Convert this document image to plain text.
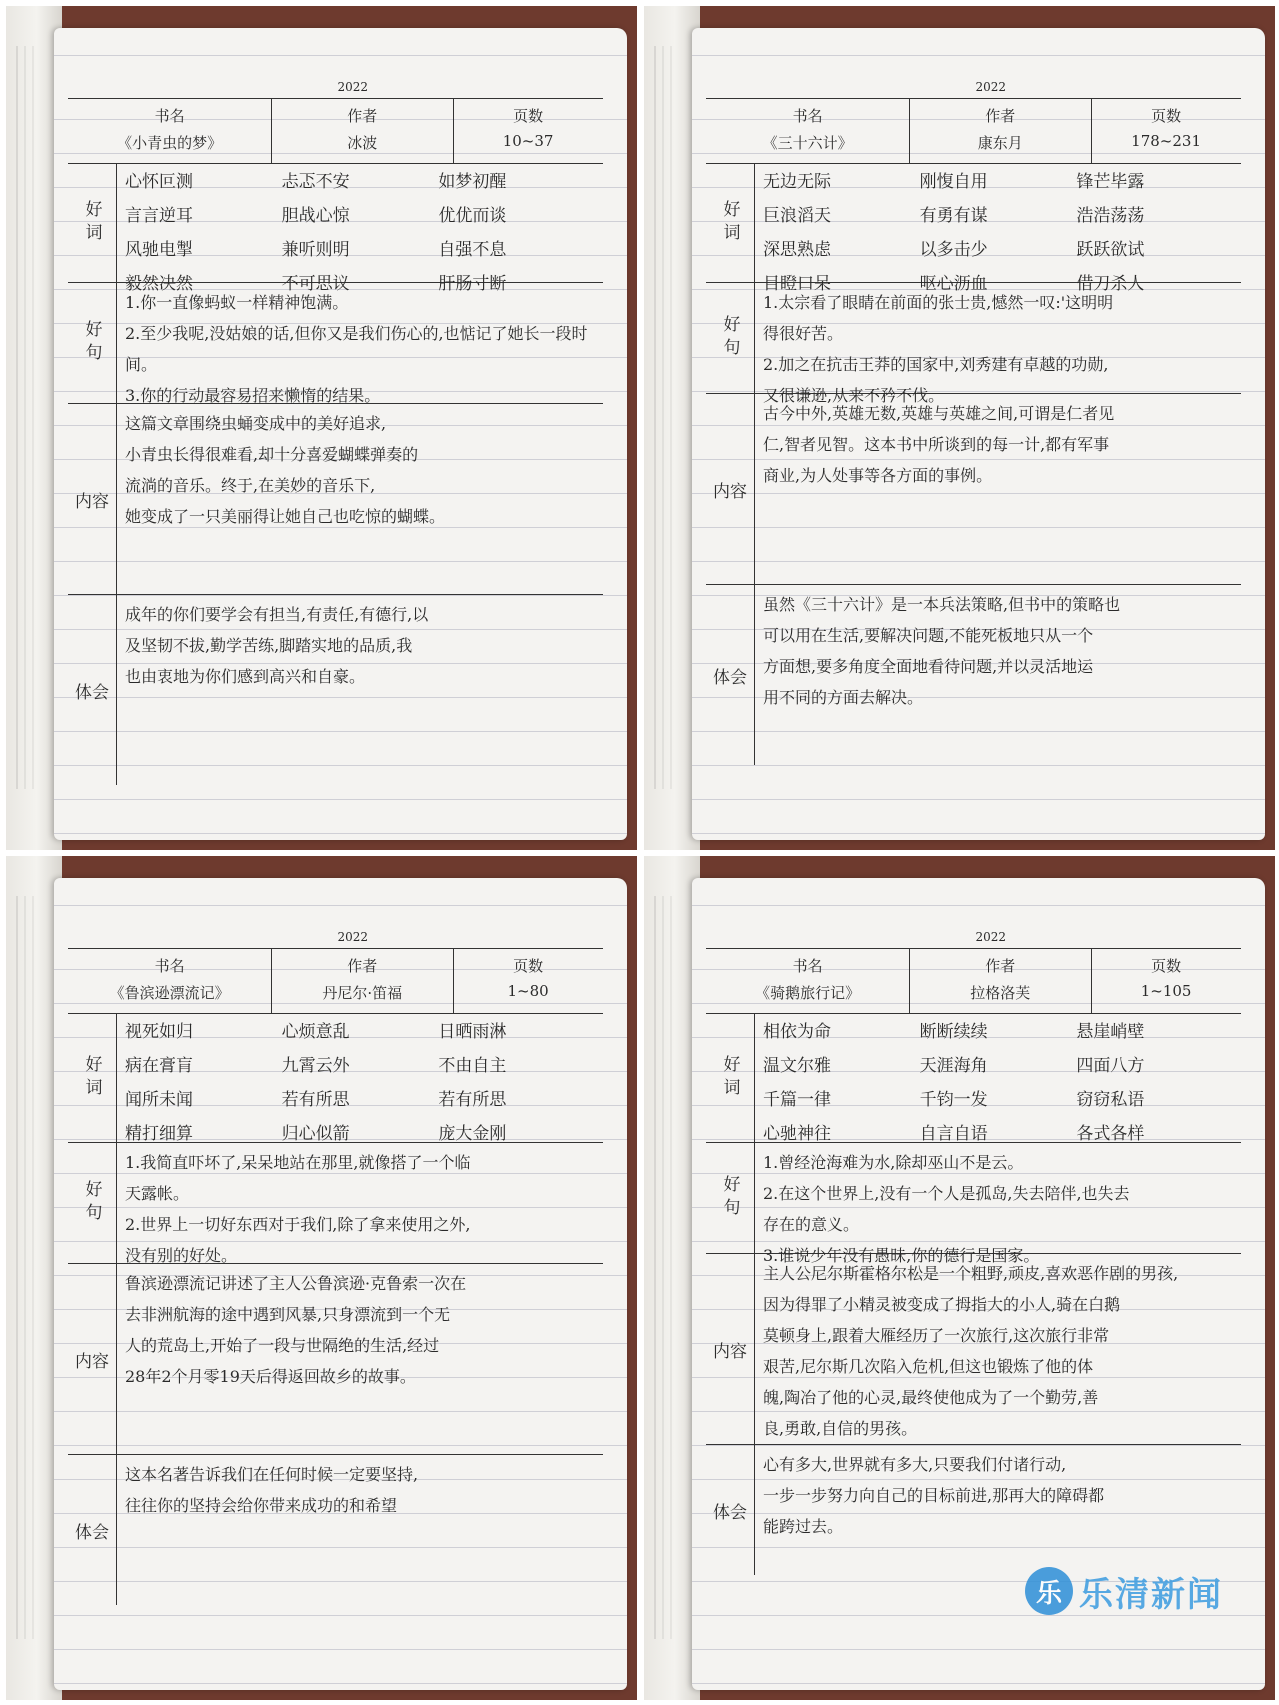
2022
书名
《小青虫的梦》
作者
冰波
页数
10~37
好词
心怀叵测	忐忑不安	如梦初醒
言言逆耳	胆战心惊	优优而谈
风驰电掣	兼听则明	自强不息
毅然决然	不可思议	肝肠寸断
好句
1.你一直像蚂蚁一样精神饱满。
2.至少我呢,没姑娘的话,但你又是我们伤心的,也惦记了她长一段时间。
3.你的行动最容易招来懒惰的结果。
内容
这篇文章围绕虫蛹变成中的美好追求,
小青虫长得很难看,却十分喜爱蝴蝶弹奏的
流淌的音乐。终于,在美妙的音乐下,
她变成了一只美丽得让她自己也吃惊的蝴蝶。
体会
成年的你们要学会有担当,有责任,有德行,以
及坚韧不拔,勤学苦练,脚踏实地的品质,我
也由衷地为你们感到高兴和自豪。
2022
书名
《三十六计》
作者
康东月
页数
178~231
好词
无边无际	刚愎自用	锋芒毕露
巨浪滔天	有勇有谋	浩浩荡荡
深思熟虑	以多击少	跃跃欲试
目瞪口呆	呕心沥血	借刀杀人
好句
1.太宗看了眼睛在前面的张士贵,憾然一叹:'这明明
得很好苦。
2.加之在抗击王莽的国家中,刘秀建有卓越的功勋,
又很谦逊,从来不矜不伐。
内容
古今中外,英雄无数,英雄与英雄之间,可谓是仁者见
仁,智者见智。这本书中所谈到的每一计,都有军事
商业,为人处事等各方面的事例。
体会
虽然《三十六计》是一本兵法策略,但书中的策略也
可以用在生活,要解决问题,不能死板地只从一个
方面想,要多角度全面地看待问题,并以灵活地运
用不同的方面去解决。
2022
书名
《鲁滨逊漂流记》
作者
丹尼尔·笛福
页数
1~80
好词
视死如归	心烦意乱	日晒雨淋
病在膏肓	九霄云外	不由自主
闻所未闻	若有所思	若有所思
精打细算	归心似箭	庞大金刚
好句
1.我简直吓坏了,呆呆地站在那里,就像搭了一个临
天露帐。
2.世界上一切好东西对于我们,除了拿来使用之外,
没有别的好处。
内容
鲁滨逊漂流记讲述了主人公鲁滨逊·克鲁索一次在
去非洲航海的途中遇到风暴,只身漂流到一个无
人的荒岛上,开始了一段与世隔绝的生活,经过
28年2个月零19天后得返回故乡的故事。
体会
这本名著告诉我们在任何时候一定要坚持,
往往你的坚持会给你带来成功的和希望
2022
书名
《骑鹅旅行记》
作者
拉格洛芙
页数
1~105
好词
相依为命	断断续续	悬崖峭壁
温文尔雅	天涯海角	四面八方
千篇一律	千钧一发	窃窃私语
心驰神往	自言自语	各式各样
好句
1.曾经沧海难为水,除却巫山不是云。
2.在这个世界上,没有一个人是孤岛,失去陪伴,也失去
存在的意义。
3.谁说少年没有愚昧,你的德行是国家。
内容
主人公尼尔斯霍格尔松是一个粗野,顽皮,喜欢恶作剧的男孩,
因为得罪了小精灵被变成了拇指大的小人,骑在白鹅
莫顿身上,跟着大雁经历了一次旅行,这次旅行非常
艰苦,尼尔斯几次陷入危机,但这也锻炼了他的体
魄,陶冶了他的心灵,最终使他成为了一个勤劳,善
良,勇敢,自信的男孩。
体会
心有多大,世界就有多大,只要我们付诸行动,
一步一步努力向自己的目标前进,那再大的障碍都
能跨过去。
乐 乐清新闻
